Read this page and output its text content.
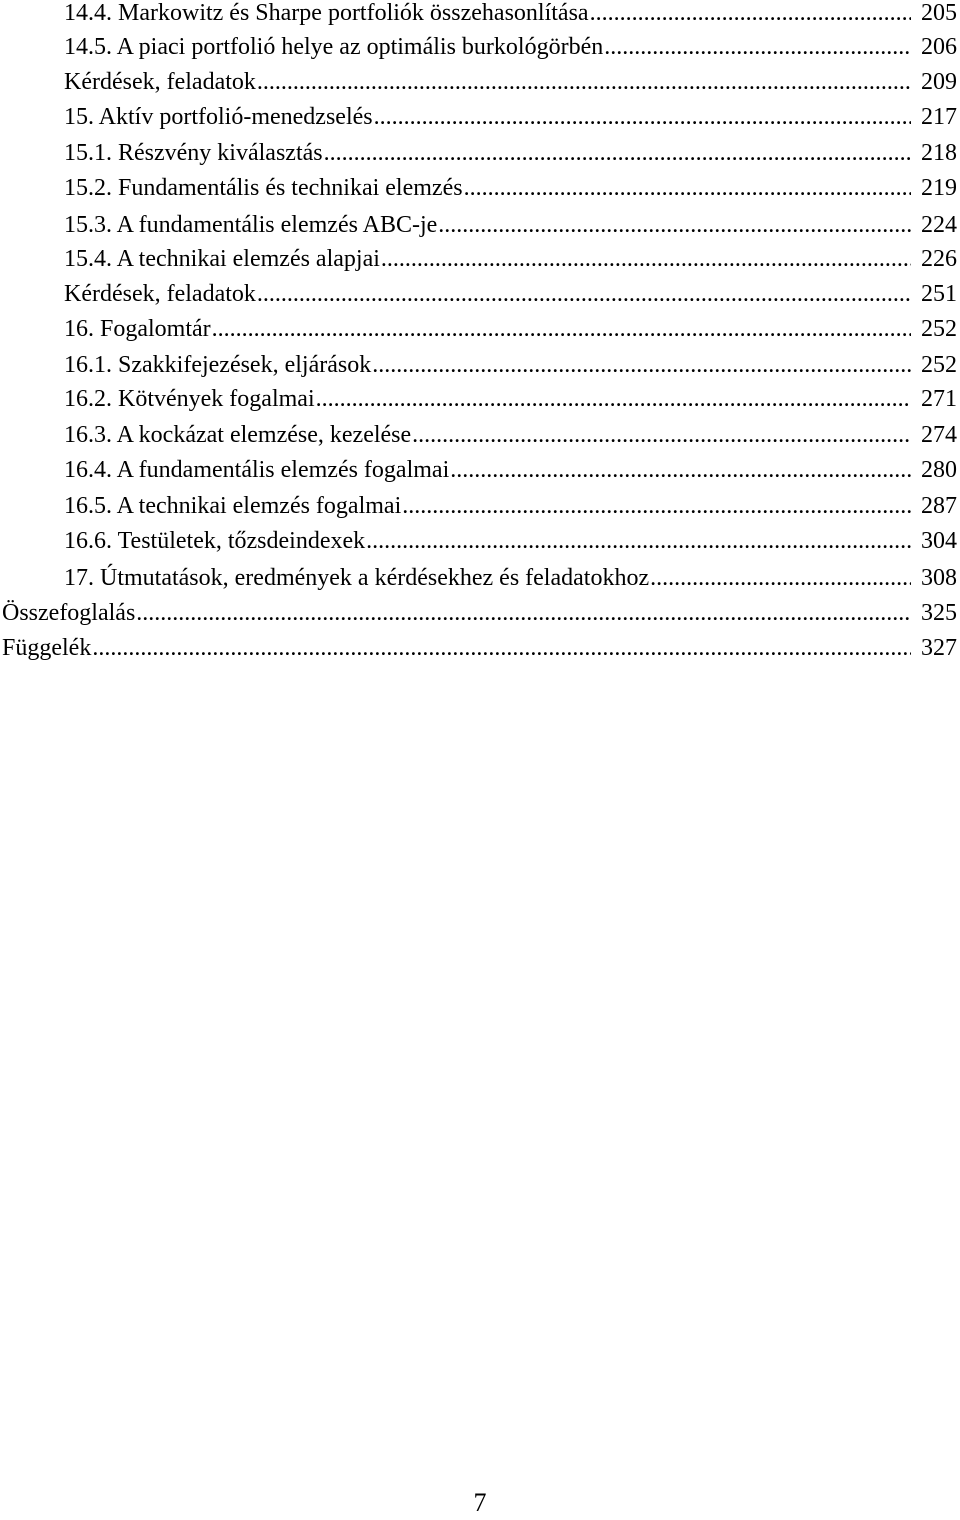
14.4. Markowitz és Sharpe portfoliók összehasonlítása .....	205
14.5. A piaci portfolió helye az optimális burkológörbén .....	206
Kérdések, feladatok .....	209
15. Aktív portfolió-menedzselés .....	217
15.1. Részvény kiválasztás .....	218
15.2. Fundamentális és technikai elemzés .....	219
15.3. A fundamentális elemzés ABC-je .....	224
15.4. A technikai elemzés alapjai .....	226
Kérdések, feladatok .....	251
16. Fogalomtár .....	252
16.1. Szakkifejezések, eljárások .....	252
16.2. Kötvények fogalmai .....	271
16.3. A kockázat elemzése, kezelése .....	274
16.4. A fundamentális elemzés fogalmai .....	280
16.5. A technikai elemzés fogalmai .....	287
16.6. Testületek, tőzsdeindexek .....	304
17. Útmutatások, eredmények a kérdésekhez és feladatokhoz .....	308
Összefoglalás .....	325
Függelék .....	327
7
